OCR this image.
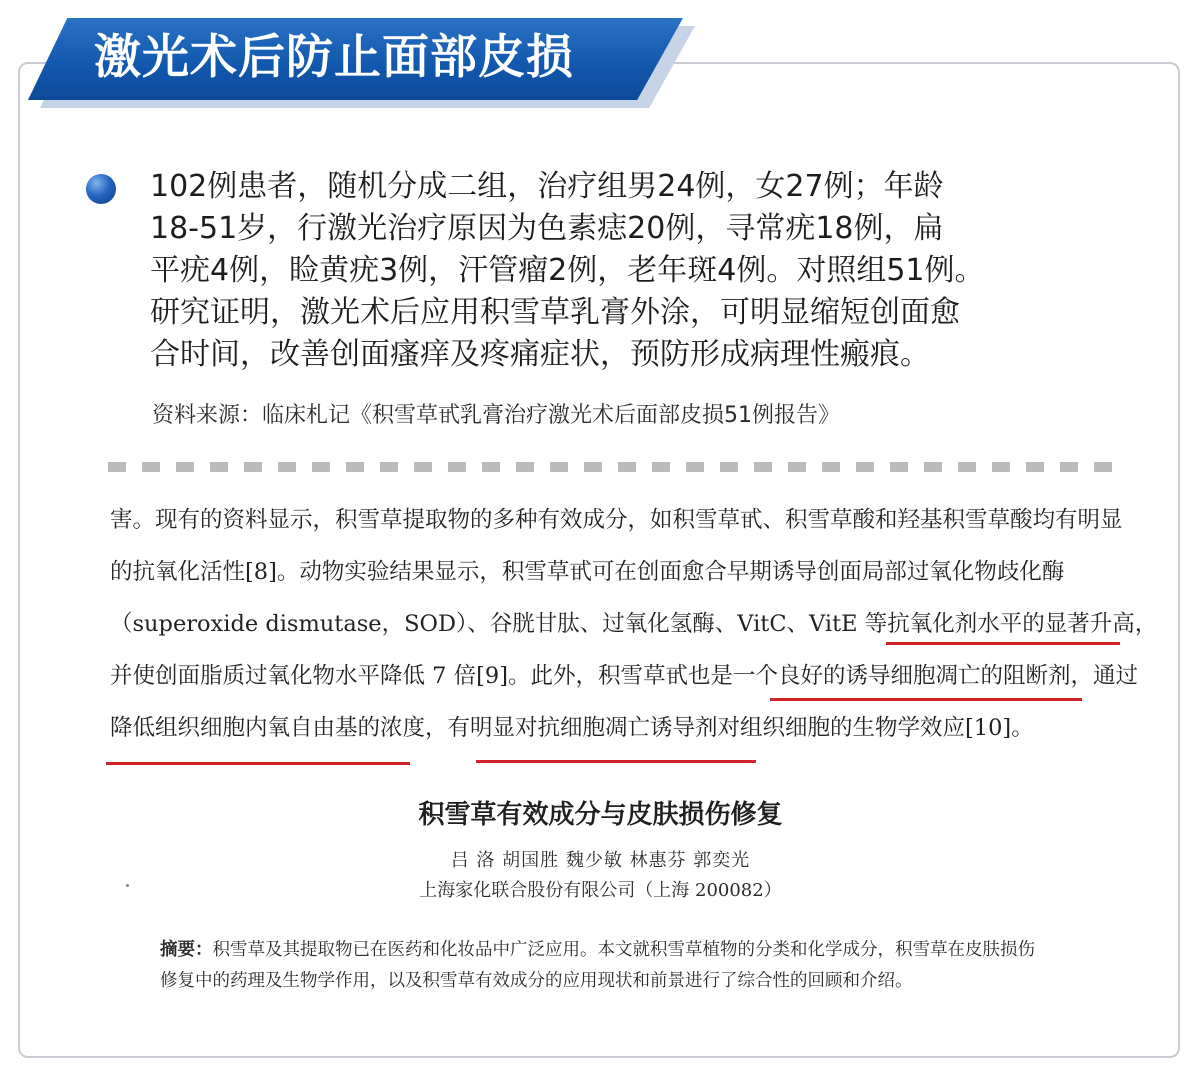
激光术后防止面部皮损
102例患者，随机分成二组，治疗组男24例，女27例；年龄
18-51岁，行激光治疗原因为色素痣20例，寻常疣18例，扁
平疣4例，睑黄疣3例，汗管瘤2例，老年斑4例。对照组51例。
研究证明，激光术后应用积雪草乳膏外涂，可明显缩短创面愈
合时间，改善创面瘙痒及疼痛症状，预防形成病理性瘢痕。
资料来源：临床札记《积雪草甙乳膏治疗激光术后面部皮损51例报告》
害。现有的资料显示，积雪草提取物的多种有效成分，如积雪草甙、积雪草酸和羟基积雪草酸均有明显
的抗氧化活性[8]。动物实验结果显示，积雪草甙可在创面愈合早期诱导创面局部过氧化物歧化酶
（superoxide dismutase，SOD）、谷胱甘肽、过氧化氢酶、VitC、VitE 等抗氧化剂水平的显著升高，
并使创面脂质过氧化物水平降低 7 倍[9]。此外，积雪草甙也是一个良好的诱导细胞凋亡的阻断剂，通过
降低组织细胞内氧自由基的浓度，有明显对抗细胞凋亡诱导剂对组织细胞的生物学效应[10]。
积雪草有效成分与皮肤损伤修复
吕 洛 胡国胜 魏少敏 林惠芬 郭奕光
上海家化联合股份有限公司（上海 200082）
摘要：积雪草及其提取物已在医药和化妆品中广泛应用。本文就积雪草植物的分类和化学成分，积雪草在皮肤损伤修复中的药理及生物学作用，以及积雪草有效成分的应用现状和前景进行了综合性的回顾和介绍。
